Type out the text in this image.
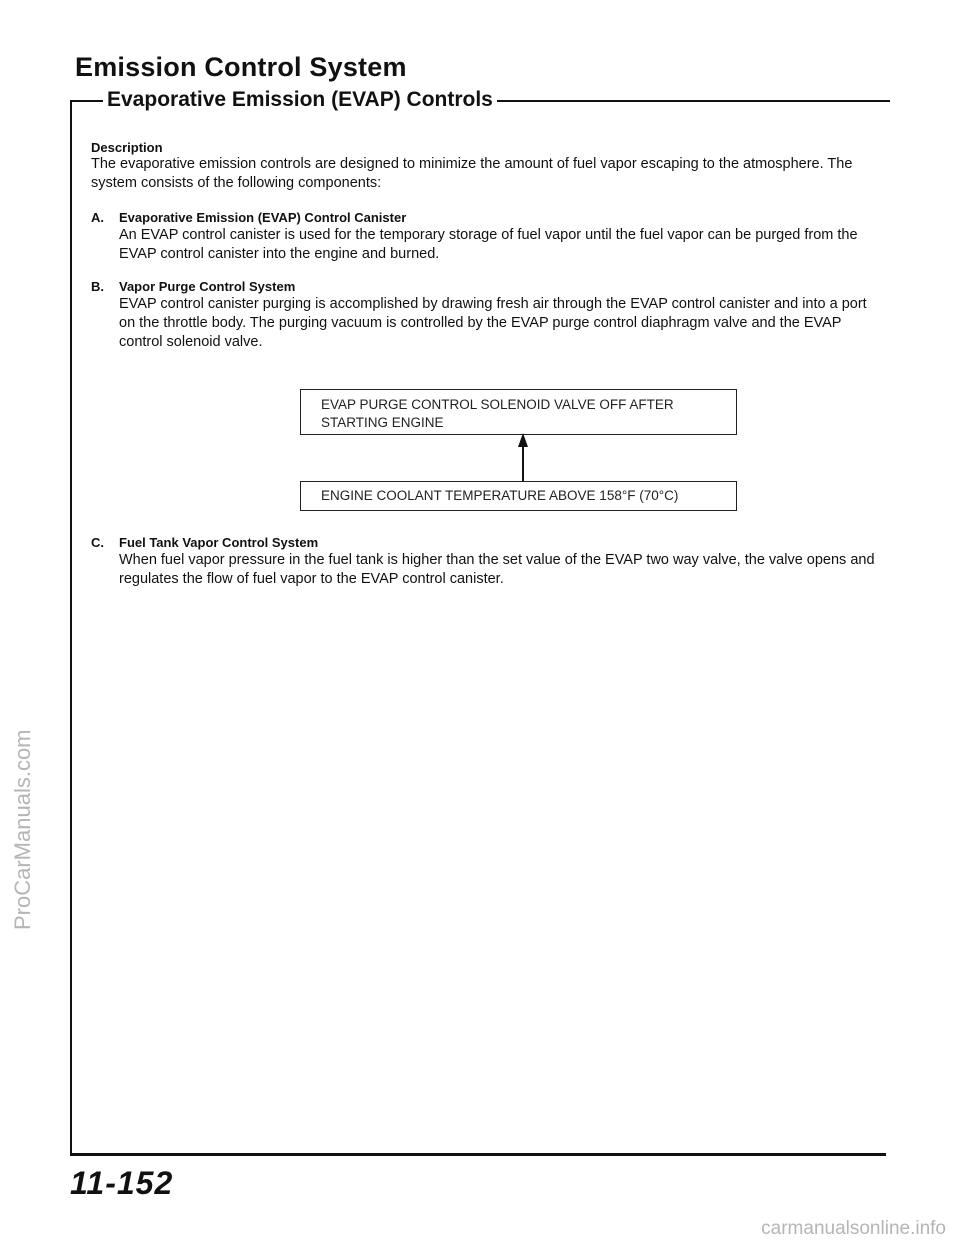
Emission Control System
Evaporative Emission (EVAP) Controls
Description
The evaporative emission controls are designed to minimize the amount of fuel vapor escaping to the atmosphere. The system consists of the following components:
A. Evaporative Emission (EVAP) Control Canister
An EVAP control canister is used for the temporary storage of fuel vapor until the fuel vapor can be purged from the EVAP control canister into the engine and burned.
B. Vapor Purge Control System
EVAP control canister purging is accomplished by drawing fresh air through the EVAP control canister and into a port on the throttle body. The purging vacuum is controlled by the EVAP purge control diaphragm valve and the EVAP control solenoid valve.
EVAP PURGE CONTROL SOLENOID VALVE OFF AFTER STARTING ENGINE
ENGINE COOLANT TEMPERATURE ABOVE 158°F (70°C)
C. Fuel Tank Vapor Control System
When fuel vapor pressure in the fuel tank is higher than the set value of the EVAP two way valve, the valve opens and regulates the flow of fuel vapor to the EVAP control canister.
11-152
ProCarManuals.com
carmanualsonline.info
